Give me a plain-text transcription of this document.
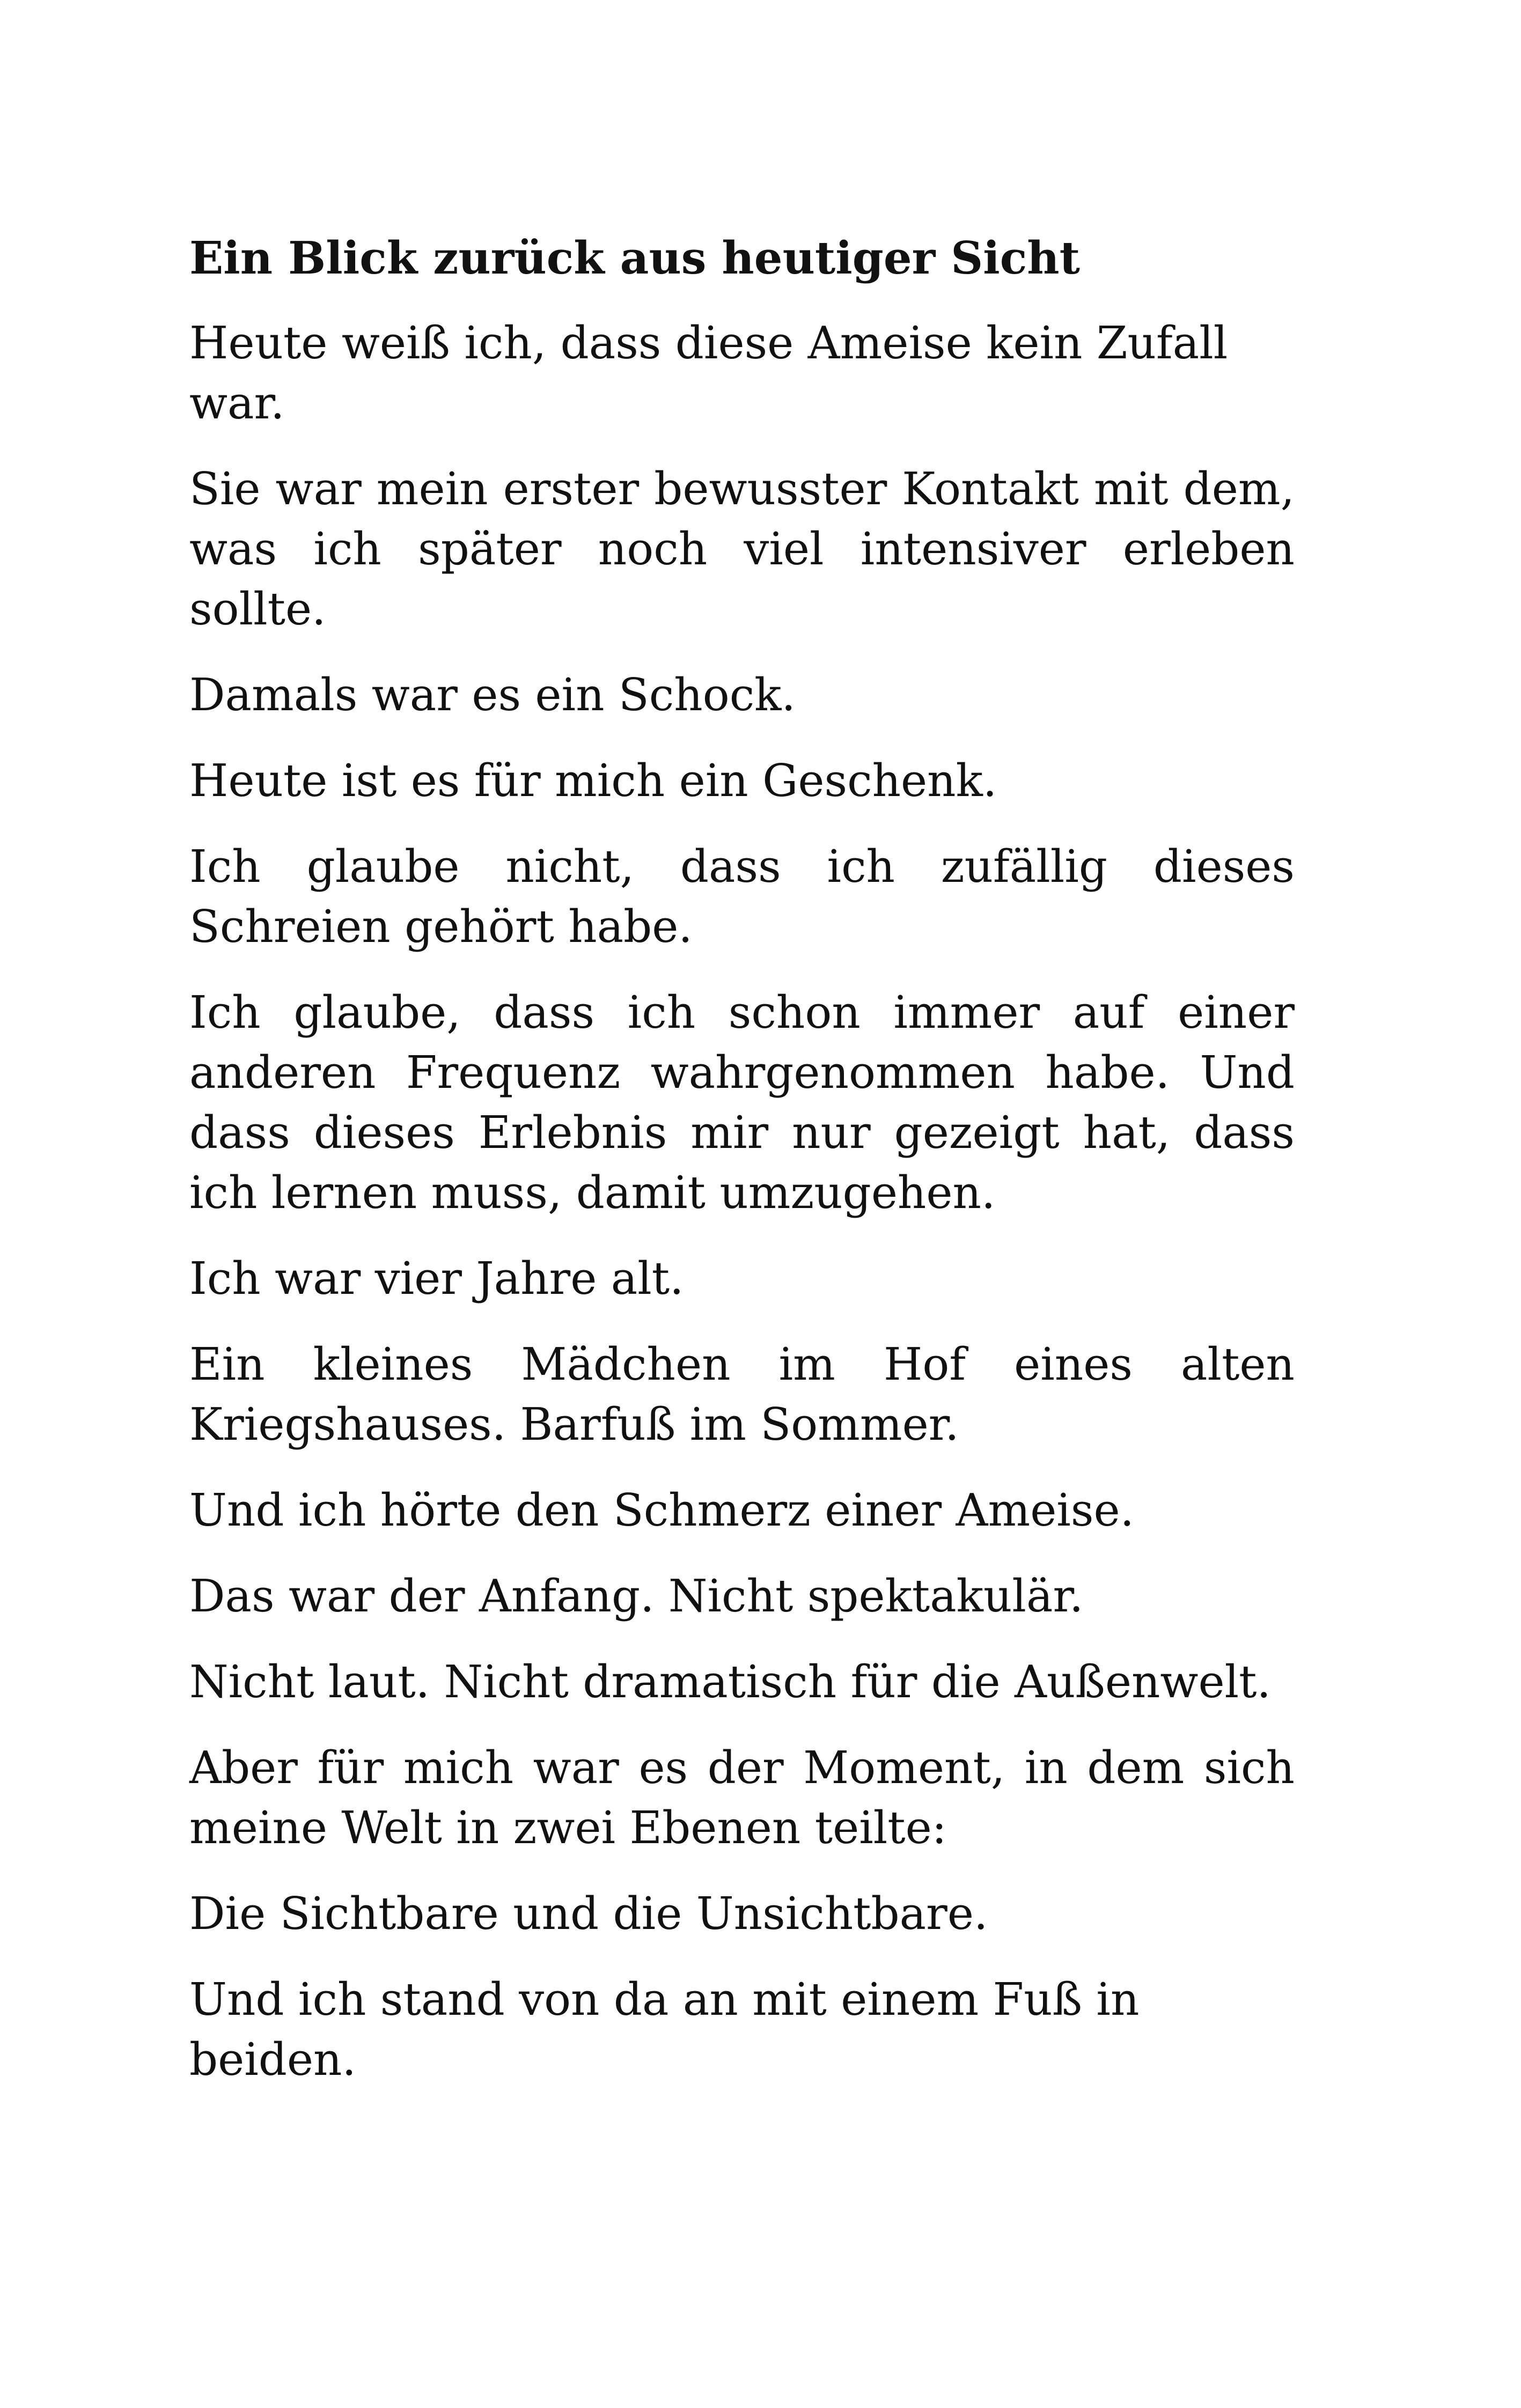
Ein Blick zurück aus heutiger Sicht

Heute weiß ich, dass diese Ameise kein Zufall war.

Sie war mein erster bewusster Kontakt mit dem, was ich später noch viel intensiver erleben sollte.

Damals war es ein Schock.

Heute ist es für mich ein Geschenk.

Ich glaube nicht, dass ich zufällig dieses Schreien gehört habe.

Ich glaube, dass ich schon immer auf einer anderen Frequenz wahrgenommen habe. Und dass dieses Erlebnis mir nur gezeigt hat, dass ich lernen muss, damit umzugehen.

Ich war vier Jahre alt.

Ein kleines Mädchen im Hof eines alten Kriegshauses. Barfuß im Sommer.

Und ich hörte den Schmerz einer Ameise.

Das war der Anfang. Nicht spektakulär.

Nicht laut. Nicht dramatisch für die Außenwelt.

Aber für mich war es der Moment, in dem sich meine Welt in zwei Ebenen teilte:

Die Sichtbare und die Unsichtbare.

Und ich stand von da an mit einem Fuß in beiden.
